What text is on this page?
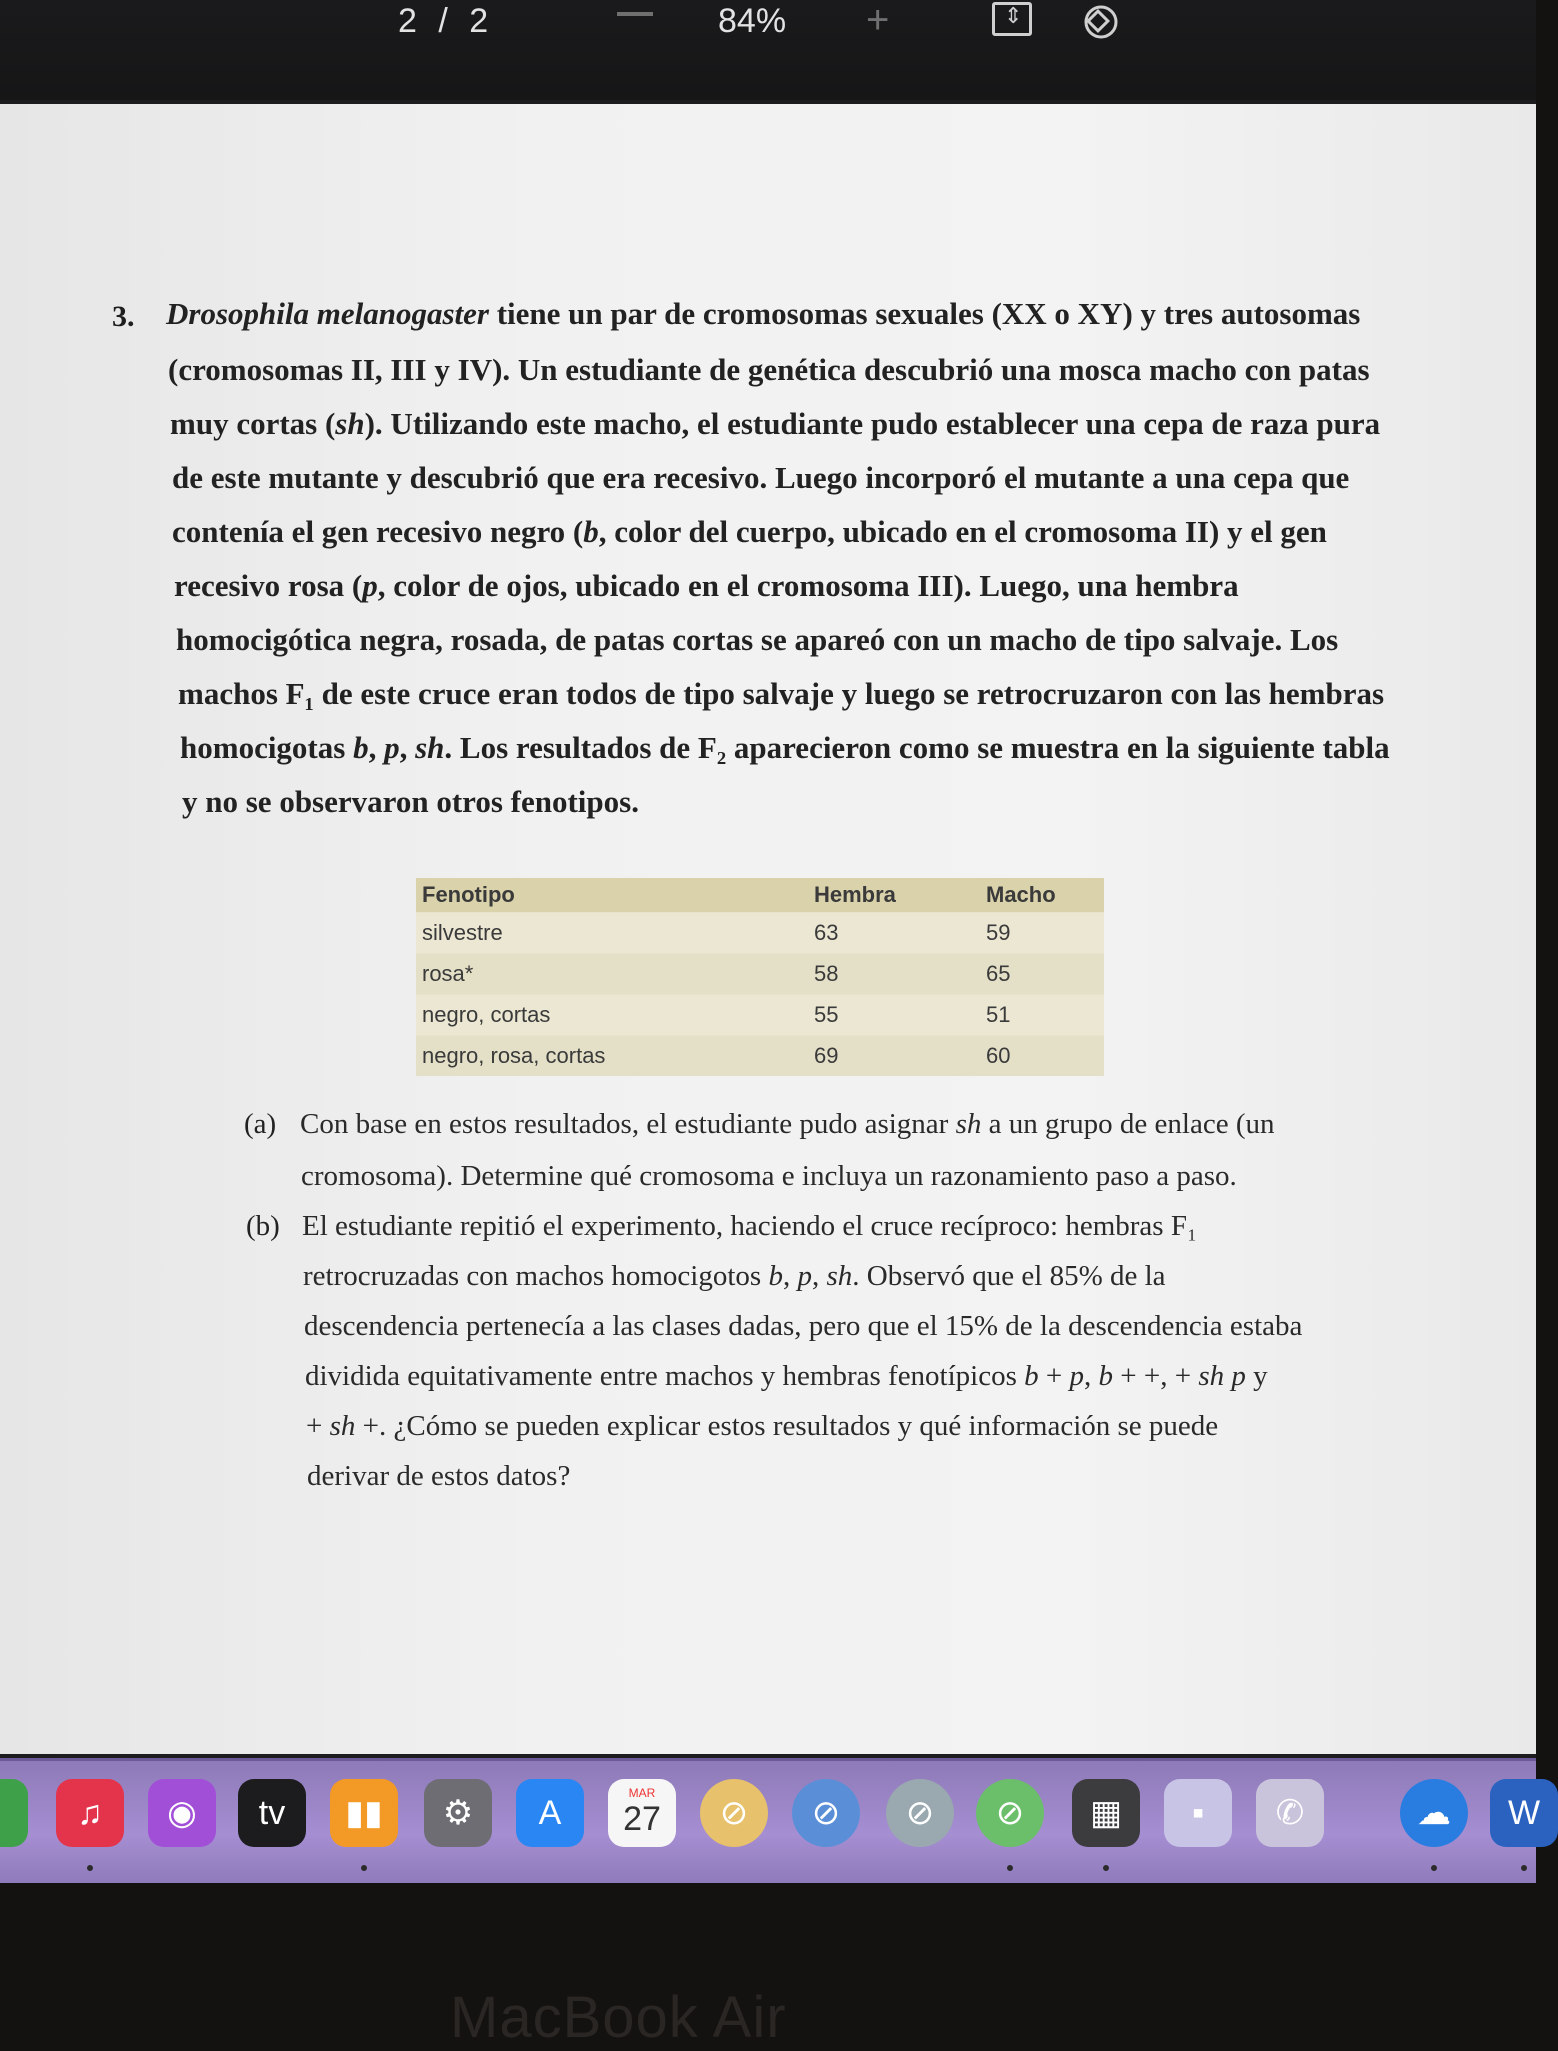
2 / 2	84% +
⇕
3. Drosophila melanogaster tiene un par de cromosomas sexuales (XX o XY) y tres autosomas
(cromosomas II, III y IV). Un estudiante de genética descubrió una mosca macho con patas
muy cortas (sh). Utilizando este macho, el estudiante pudo establecer una cepa de raza pura
de este mutante y descubrió que era recesivo. Luego incorporó el mutante a una cepa que
contenía el gen recesivo negro (b, color del cuerpo, ubicado en el cromosoma II) y el gen
recesivo rosa (p, color de ojos, ubicado en el cromosoma III). Luego, una hembra
homocigótica negra, rosada, de patas cortas se apareó con un macho de tipo salvaje. Los
machos F₁ de este cruce eran todos de tipo salvaje y luego se retrocruzaron con las hembras
homocigotas b, p, sh. Los resultados de F₂ aparecieron como se muestra en la siguiente tabla
y no se observaron otros fenotipos.
Fenotipo	Hembra	Macho
silvestre	63	59
rosa*	58	65
negro, cortas	55	51
negro, rosa, cortas	69	60
(a)
(b)
Con base en estos resultados, el estudiante pudo asignar sh a un grupo de enlace (un
cromosoma). Determine qué cromosoma e incluya un razonamiento paso a paso.
El estudiante repitió el experimento, haciendo el cruce recíproco: hembras F₁
retrocruzadas con machos homocigotos b, p, sh. Observó que el 85% de la
descendencia pertenecía a las clases dadas, pero que el 15% de la descendencia estaba
dividida equitativamente entre machos y hembras fenotípicos b + p, b + +, + sh p y
+ sh +. ¿Cómo se pueden explicar estos resultados y qué información se puede
derivar de estos datos?
♫	◉	tv	▮▮	⚙	A
MAR
27	⊘	⊘	⊘	⊘	▦	▪	✆	☁	W
MacBook Air
